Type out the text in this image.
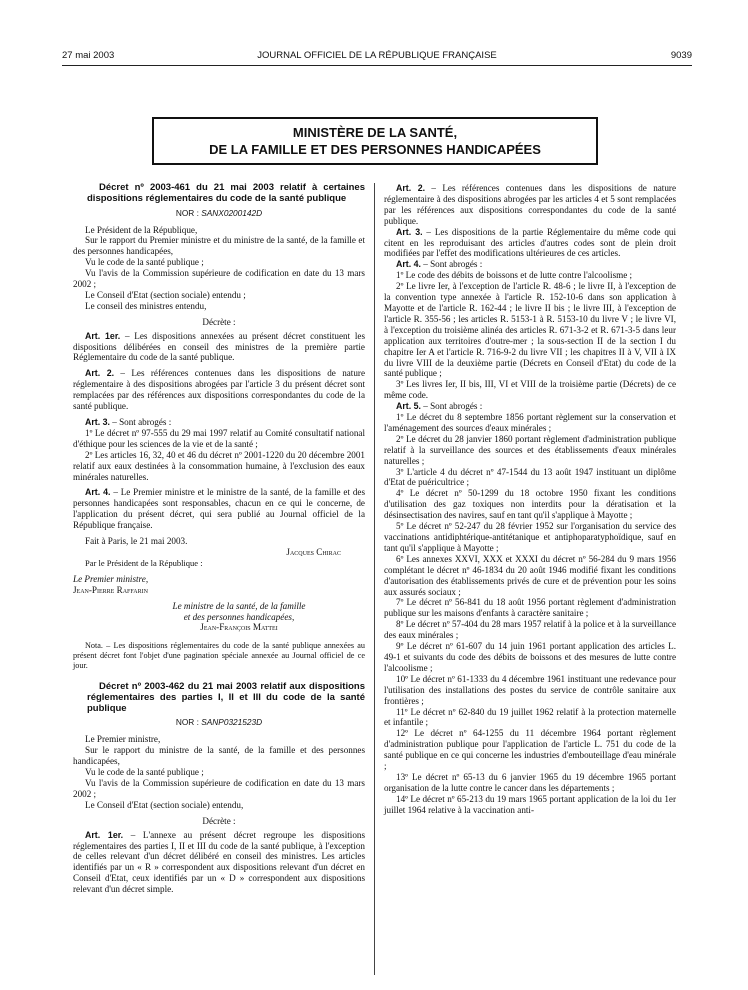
27 mai 2003	JOURNAL OFFICIEL DE LA RÉPUBLIQUE FRANÇAISE	9039
MINISTÈRE DE LA SANTÉ,
DE LA FAMILLE ET DES PERSONNES HANDICAPÉES

Décret nº 2003-461 du 21 mai 2003 relatif à certaines dispositions réglementaires du code de la santé publique

NOR : SANX0200142D

Le Président de la République,

Sur le rapport du Premier ministre et du ministre de la santé, de la famille et des personnes handicapées,

Vu le code de la santé publique ;

Vu l'avis de la Commission supérieure de codification en date du 13 mars 2002 ;

Le Conseil d'Etat (section sociale) entendu ;

Le conseil des ministres entendu,

Décrète :

Art. 1er. – Les dispositions annexées au présent décret constituent les dispositions délibérées en conseil des ministres de la première partie Réglementaire du code de la santé publique.

Art. 2. – Les références contenues dans les dispositions de nature réglementaire à des dispositions abrogées par l'article 3 du présent décret sont remplacées par des références aux dispositions correspondantes du code de la santé publique.

Art. 3. – Sont abrogés :

1º Le décret nº 97-555 du 29 mai 1997 relatif au Comité consultatif national d'éthique pour les sciences de la vie et de la santé ;

2º Les articles 16, 32, 40 et 46 du décret nº 2001-1220 du 20 décembre 2001 relatif aux eaux destinées à la consommation humaine, à l'exclusion des eaux minérales naturelles.

Art. 4. – Le Premier ministre et le ministre de la santé, de la famille et des personnes handicapées sont responsables, chacun en ce qui le concerne, de l'application du présent décret, qui sera publié au Journal officiel de la République française.

Fait à Paris, le 21 mai 2003.

Jacques Chirac

Par le Président de la République :

Le Premier ministre,

Jean-Pierre Raffarin

Le ministre de la santé, de la famille

et des personnes handicapées,

Jean-François Mattei

Nota. – Les dispositions réglementaires du code de la santé publique annexées au présent décret font l'objet d'une pagination spéciale annexée au Journal officiel de ce jour.

Décret nº 2003-462 du 21 mai 2003 relatif aux dispositions réglementaires des parties I, II et III du code de la santé publique

NOR : SANP0321523D

Le Premier ministre,

Sur le rapport du ministre de la santé, de la famille et des personnes handicapées,

Vu le code de la santé publique ;

Vu l'avis de la Commission supérieure de codification en date du 13 mars 2002 ;

Le Conseil d'Etat (section sociale) entendu,

Décrète :

Art. 1er. – L'annexe au présent décret regroupe les dispositions réglementaires des parties I, II et III du code de la santé publique, à l'exception de celles relevant d'un décret délibéré en conseil des ministres. Les articles identifiés par un « R » correspondent aux dispositions relevant d'un décret en Conseil d'Etat, ceux identifiés par un « D » correspondent aux dispositions relevant d'un décret simple.

Art. 2. – Les références contenues dans les dispositions de nature réglementaire à des dispositions abrogées par les articles 4 et 5 sont remplacées par les références aux dispositions correspondantes du code de la santé publique.

Art. 3. – Les dispositions de la partie Réglementaire du même code qui citent en les reproduisant des articles d'autres codes sont de plein droit modifiées par l'effet des modifications ultérieures de ces articles.

Art. 4. – Sont abrogés :

1º Le code des débits de boissons et de lutte contre l'alcoolisme ;

2º Le livre Ier, à l'exception de l'article R. 48-6 ; le livre II, à l'exception de la convention type annexée à l'article R. 152-10-6 dans son application à Mayotte et de l'article R. 162-44 ; le livre II bis ; le livre III, à l'exception de l'article R. 355-56 ; les articles R. 5153-1 à R. 5153-10 du livre V ; le livre VI, à l'exception du troisième alinéa des articles R. 671-3-2 et R. 671-3-5 dans leur application aux territoires d'outre-mer ; la sous-section II de la section I du chapitre Ier A et l'article R. 716-9-2 du livre VII ; les chapitres II à V, VII à IX du livre VIII de la deuxième partie (Décrets en Conseil d'Etat) du code de la santé publique ;

3º Les livres Ier, II bis, III, VI et VIII de la troisième partie (Décrets) de ce même code.

Art. 5. – Sont abrogés :

1º Le décret du 8 septembre 1856 portant règlement sur la conservation et l'aménagement des sources d'eaux minérales ;

2º Le décret du 28 janvier 1860 portant règlement d'administration publique relatif à la surveillance des sources et des établissements d'eaux minérales naturelles ;

3º L'article 4 du décret nº 47-1544 du 13 août 1947 instituant un diplôme d'Etat de puéricultrice ;

4º Le décret nº 50-1299 du 18 octobre 1950 fixant les conditions d'utilisation des gaz toxiques non interdits pour la dératisation et la désinsectisation des navires, sauf en tant qu'il s'applique à Mayotte ;

5º Le décret nº 52-247 du 28 février 1952 sur l'organisation du service des vaccinations antidiphtérique-antitétanique et antiphoparatyphoïdique, sauf en tant qu'il s'applique à Mayotte ;

6º Les annexes XXVI, XXX et XXXI du décret nº 56-284 du 9 mars 1956 complétant le décret nº 46-1834 du 20 août 1946 modifié fixant les conditions d'autorisation des établissements privés de cure et de prévention pour les soins aux assurés sociaux ;

7º Le décret nº 56-841 du 18 août 1956 portant règlement d'administration publique sur les maisons d'enfants à caractère sanitaire ;

8º Le décret nº 57-404 du 28 mars 1957 relatif à la police et à la surveillance des eaux minérales ;

9º Le décret nº 61-607 du 14 juin 1961 portant application des articles L. 49-1 et suivants du code des débits de boissons et des mesures de lutte contre l'alcoolisme ;

10º Le décret nº 61-1333 du 4 décembre 1961 instituant une redevance pour l'utilisation des installations des postes du service de contrôle sanitaire aux frontières ;

11º Le décret nº 62-840 du 19 juillet 1962 relatif à la protection maternelle et infantile ;

12º Le décret nº 64-1255 du 11 décembre 1964 portant règlement d'administration publique pour l'application de l'article L. 751 du code de la santé publique en ce qui concerne les industries d'embouteillage d'eau minérale ;

13º Le décret nº 65-13 du 6 janvier 1965 du 19 décembre 1965 portant organisation de la lutte contre le cancer dans les départements ;

14º Le décret nº 65-213 du 19 mars 1965 portant application de la loi du 1er juillet 1964 relative à la vaccination anti-
